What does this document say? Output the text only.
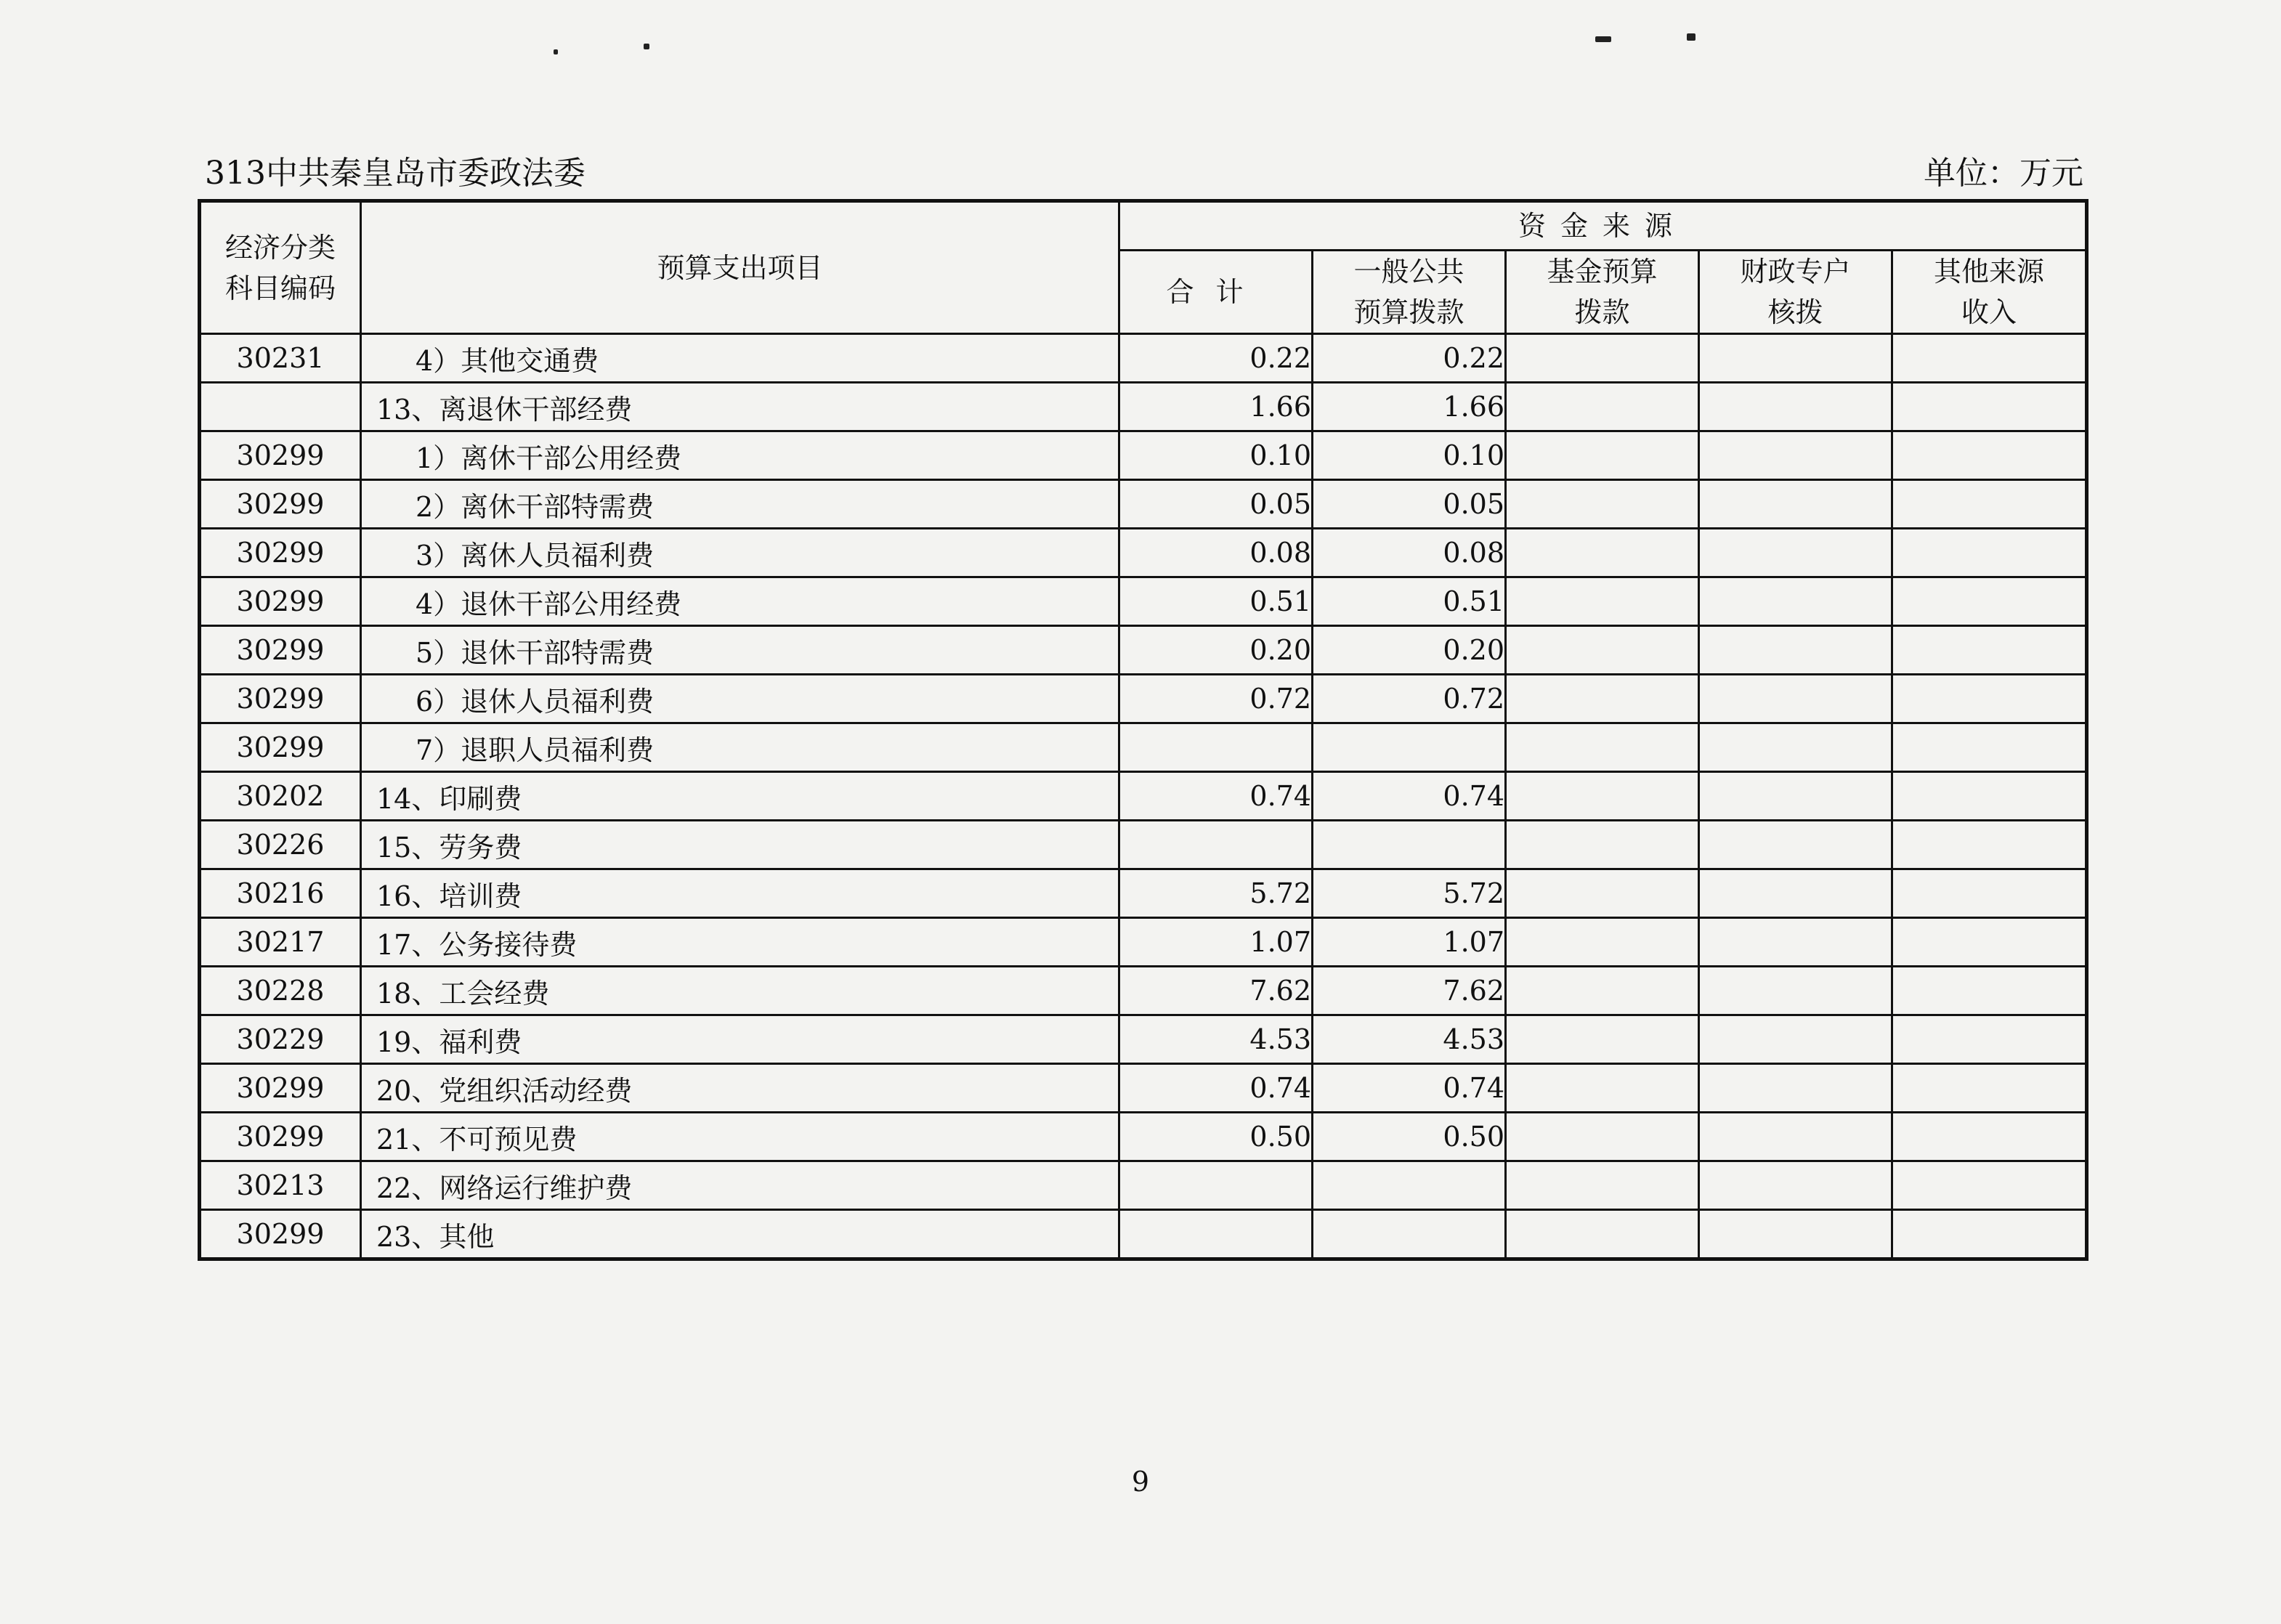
313中共秦皇岛市委政法委	单位：万元
经济分类科目编码	预算支出项目	资金来源				
		合计	一般公共预算拨款	基金预算拨款	财政专户核拨	其他来源收入
30231	4）其他交通费	0.22	0.22			
	13、离退休干部经费	1.66	1.66			
30299	1）离休干部公用经费	0.10	0.10			
30299	2）离休干部特需费	0.05	0.05			
30299	3）离休人员福利费	0.08	0.08			
30299	4）退休干部公用经费	0.51	0.51			
30299	5）退休干部特需费	0.20	0.20			
30299	6）退休人员福利费	0.72	0.72			
30299	7）退职人员福利费					
30202	14、印刷费	0.74	0.74			
30226	15、劳务费					
30216	16、培训费	5.72	5.72			
30217	17、公务接待费	1.07	1.07			
30228	18、工会经费	7.62	7.62			
30229	19、福利费	4.53	4.53			
30299	20、党组织活动经费	0.74	0.74			
30299	21、不可预见费	0.50	0.50			
30213	22、网络运行维护费					
30299	23、其他					
9
